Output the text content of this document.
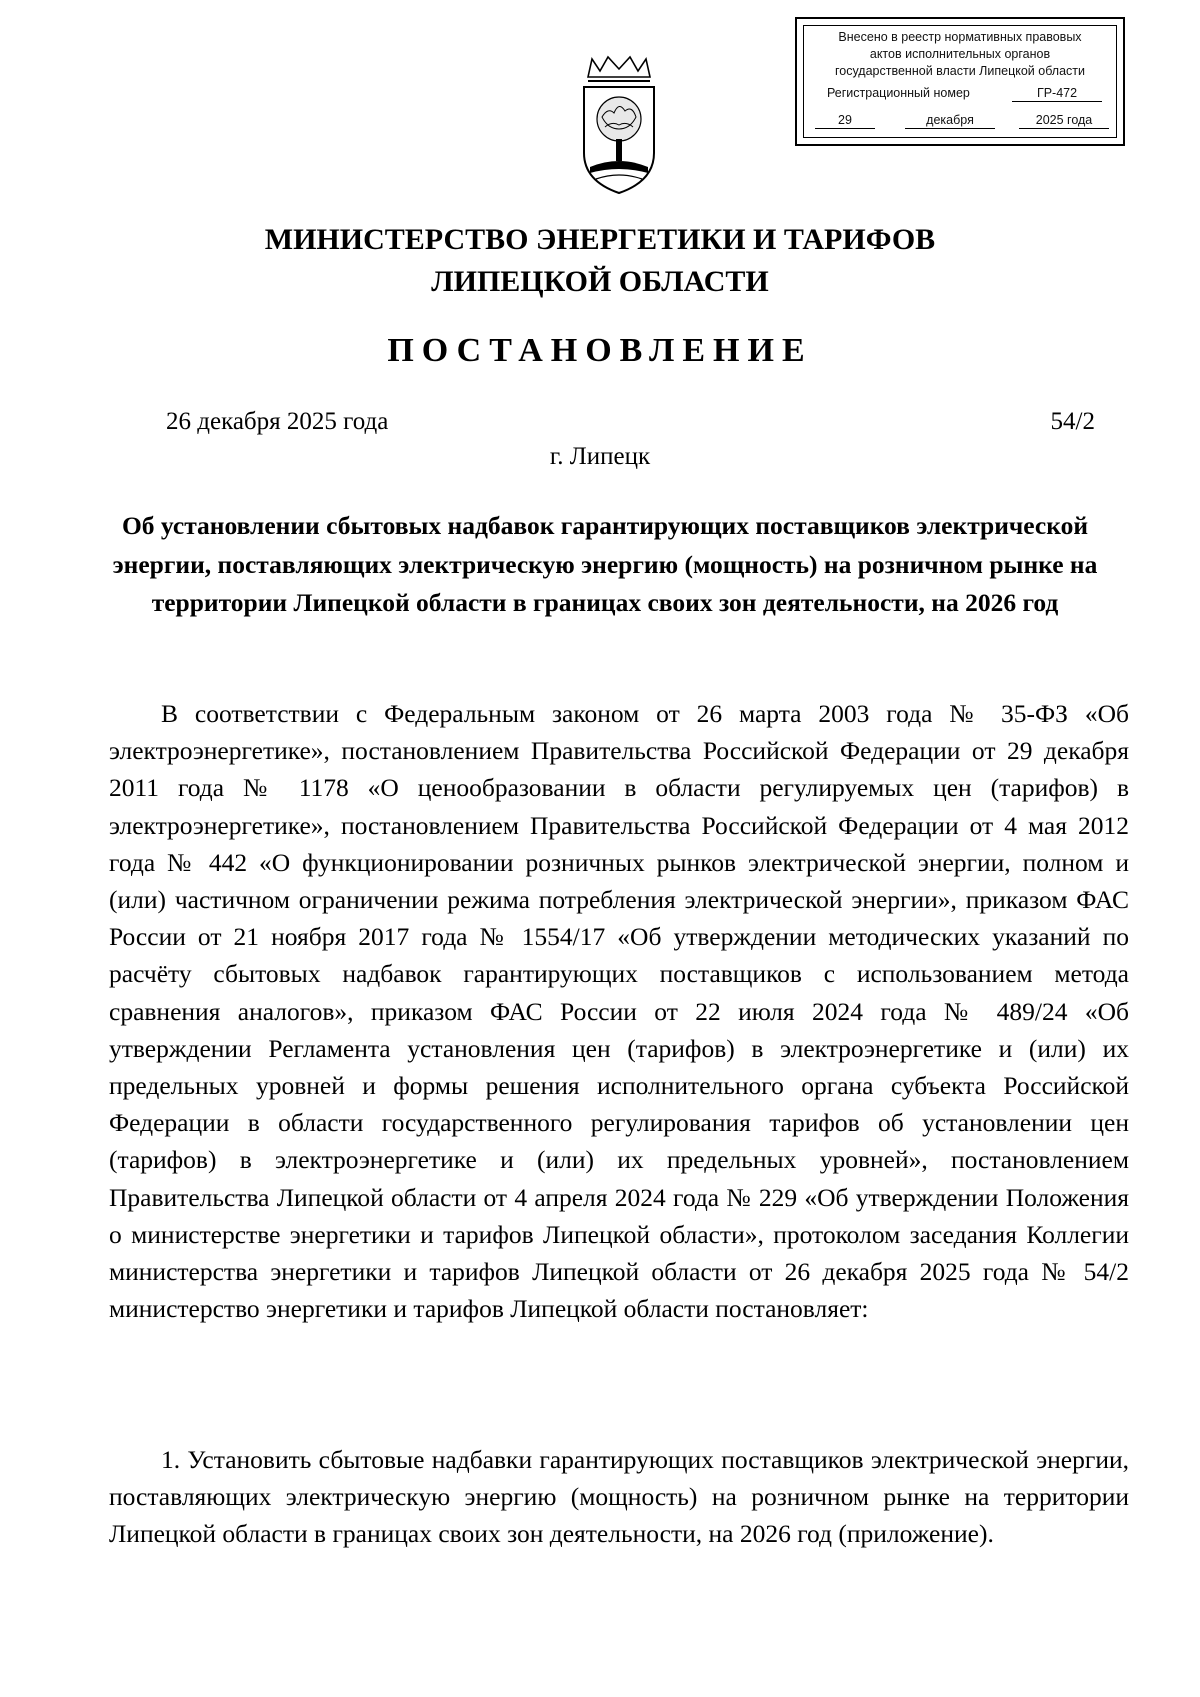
Внесено в реестр нормативных правовых
актов исполнительных органов
государственной власти Липецкой области
Регистрационный номер	ГР-472
29	декабря	2025 года
МИНИСТЕРСТВО ЭНЕРГЕТИКИ И ТАРИФОВ
ЛИПЕЦКОЙ ОБЛАСТИ
ПОСТАНОВЛЕНИЕ
26 декабря 2025 года	54/2
г. Липецк
Об установлении сбытовых надбавок гарантирующих поставщиков электрической энергии, поставляющих электрическую энергию (мощность) на розничном рынке на территории Липецкой области в границах своих зон деятельности, на 2026 год

В соответствии с Федеральным законом от 26 марта 2003 года № 35-ФЗ «Об электроэнергетике», постановлением Правительства Российской Федерации от 29 декабря 2011 года № 1178 «О ценообразовании в области регулируемых цен (тарифов) в электроэнергетике», постановлением Правительства Российской Федерации от 4 мая 2012 года № 442 «О функционировании розничных рынков электрической энергии, полном и (или) частичном ограничении режима потребления электрической энергии», приказом ФАС России от 21 ноября 2017 года № 1554/17 «Об утверждении методических указаний по расчёту сбытовых надбавок гарантирующих поставщиков с использованием метода сравнения аналогов», приказом ФАС России от 22 июля 2024 года № 489/24 «Об утверждении Регламента установления цен (тарифов) в электроэнергетике и (или) их предельных уровней и формы решения исполнительного органа субъекта Российской Федерации в области государственного регулирования тарифов об установлении цен (тарифов) в электроэнергетике и (или) их предельных уровней», постановлением Правительства Липецкой области от 4 апреля 2024 года № 229 «Об утверждении Положения о министерстве энергетики и тарифов Липецкой области», протоколом заседания Коллегии министерства энергетики и тарифов Липецкой области от 26 декабря 2025 года № 54/2 министерство энергетики и тарифов Липецкой области постановляет:

1. Установить сбытовые надбавки гарантирующих поставщиков электрической энергии, поставляющих электрическую энергию (мощность) на розничном рынке на территории Липецкой области в границах своих зон деятельности, на 2026 год (приложение).
